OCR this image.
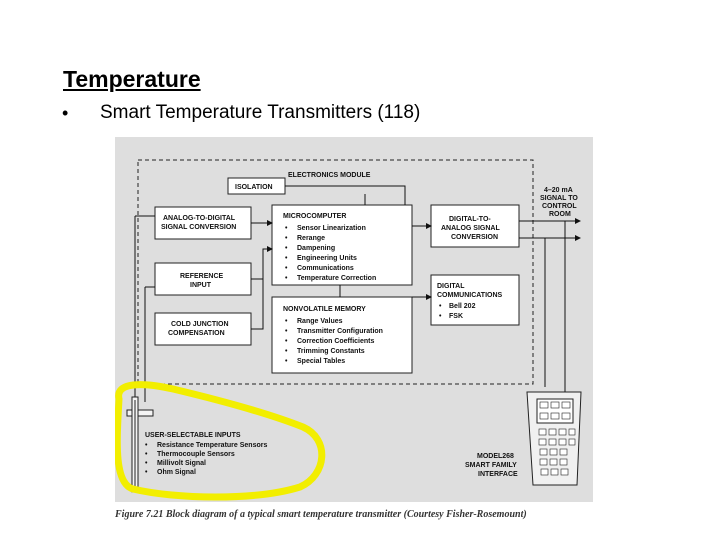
Temperature
• Smart Temperature Transmitters (118)
ELECTRONICS MODULE
ISOLATION
ANALOG-TO-DIGITAL
SIGNAL CONVERSION
REFERENCE
INPUT
COLD JUNCTION
COMPENSATION
MICROCOMPUTER
• Sensor Linearization
• Rerange
• Dampening
• Engineering Units
• Communications
• Temperature Correction
NONVOLATILE MEMORY
• Range Values
• Transmitter Configuration
• Correction Coefficients
• Trimming Constants
• Special Tables
DIGITAL-TO-
ANALOG SIGNAL
CONVERSION
DIGITAL
COMMUNICATIONS
• Bell 202
• FSK
4–20 mA
SIGNAL TO
CONTROL
ROOM
USER-SELECTABLE INPUTS
• Resistance Temperature Sensors
• Thermocouple Sensors
• Millivolt Signal
• Ohm Signal
MODEL268
SMART FAMILY
INTERFACE
Figure 7.21 Block diagram of a typical smart temperature transmitter (Courtesy Fisher-Rosemount)
